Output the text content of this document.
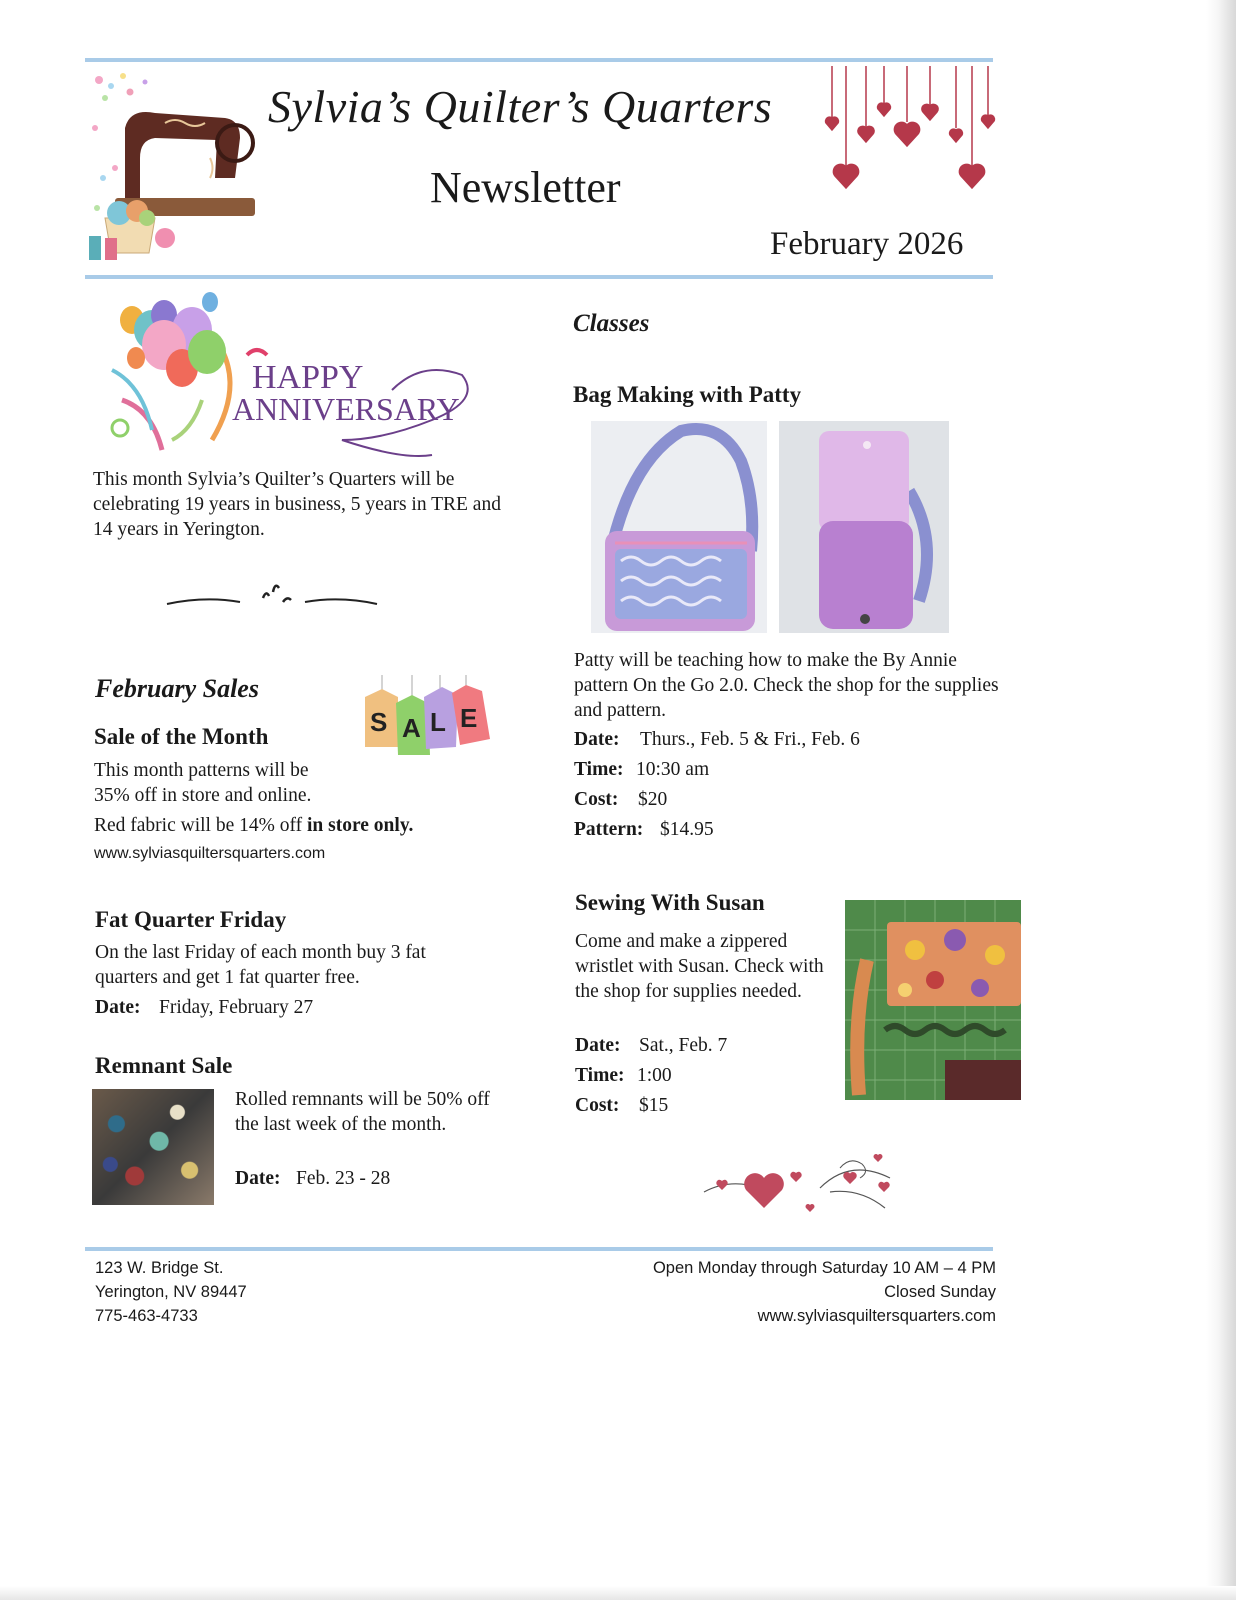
Sylvia’s Quilter’s Quarters
Newsletter
February 2026
HAPPY
ANNIVERSARY
This month Sylvia’s Quilter’s Quarters will be celebrating 19 years in business, 5 years in TRE and 14 years in Yerington.
February Sales
S A L E
Sale of the Month
This month patterns will be
35% off in store and online.
Red fabric will be 14% off in store only.
www.sylviasquiltersquarters.com
Fat Quarter Friday
On the last Friday of each month buy 3 fat quarters and get 1 fat quarter free.
Date: Friday, February 27
Remnant Sale
Rolled remnants will be 50% off the last week of the month.
Date: Feb. 23 - 28
Classes
Bag Making with Patty
Patty will be teaching how to make the By Annie pattern On the Go 2.0. Check the shop for the supplies and pattern.
Date: Thurs., Feb. 5 & Fri., Feb. 6
Time: 10:30 am
Cost: $20
Pattern: $14.95
Sewing With Susan
Come and make a zippered wristlet with Susan. Check with the shop for supplies needed.
Date: Sat., Feb. 7
Time: 1:00
Cost: $15
123 W. Bridge St.
Yerington, NV 89447
775-463-4733
Open Monday through Saturday 10 AM – 4 PM
Closed Sunday
www.sylviasquiltersquarters.com
